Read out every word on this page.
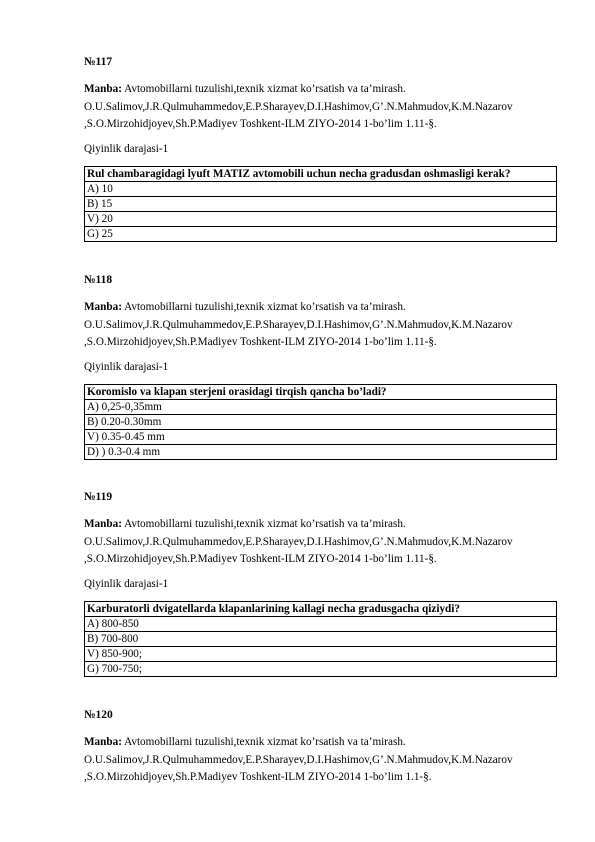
№117
Manba: Avtomobillarni tuzulishi,texnik xizmat ko’rsatish va ta’mirash.
O.U.Salimov,J.R.Qulmuhammedov,E.P.Sharayev,D.I.Hashimov,G’.N.Mahmudov,K.M.Nazarov
,S.O.Mirzohidjoyev,Sh.P.Madiyev Toshkent-ILM ZIYO-2014 1-bo’lim 1.11-§.
Qiyinlik darajasi-1
Rul chambaragidagi lyuft MATIZ avtomobili uchun necha gradusdan oshmasligi kerak?
A) 10
B) 15
V) 20
G) 25
№118
Manba: Avtomobillarni tuzulishi,texnik xizmat ko’rsatish va ta’mirash.
O.U.Salimov,J.R.Qulmuhammedov,E.P.Sharayev,D.I.Hashimov,G’.N.Mahmudov,K.M.Nazarov
,S.O.Mirzohidjoyev,Sh.P.Madiyev Toshkent-ILM ZIYO-2014 1-bo’lim 1.11-§.
Qiyinlik darajasi-1
Koromislo va klapan sterjeni orasidagi tirqish qancha bo’ladi?
A) 0,25-0,35mm
B) 0.20-0.30mm
V) 0.35-0.45 mm
D) ) 0.3-0.4 mm
№119
Manba: Avtomobillarni tuzulishi,texnik xizmat ko’rsatish va ta’mirash.
O.U.Salimov,J.R.Qulmuhammedov,E.P.Sharayev,D.I.Hashimov,G’.N.Mahmudov,K.M.Nazarov
,S.O.Mirzohidjoyev,Sh.P.Madiyev Toshkent-ILM ZIYO-2014 1-bo’lim 1.11-§.
Qiyinlik darajasi-1
Karburatorli dvigatellarda klapanlarining kallagi necha gradusgacha qiziydi?
A) 800-850
B) 700-800
V) 850-900;
G) 700-750;
№120
Manba: Avtomobillarni tuzulishi,texnik xizmat ko’rsatish va ta’mirash.
O.U.Salimov,J.R.Qulmuhammedov,E.P.Sharayev,D.I.Hashimov,G’.N.Mahmudov,K.M.Nazarov
,S.O.Mirzohidjoyev,Sh.P.Madiyev Toshkent-ILM ZIYO-2014 1-bo’lim 1.1-§.
